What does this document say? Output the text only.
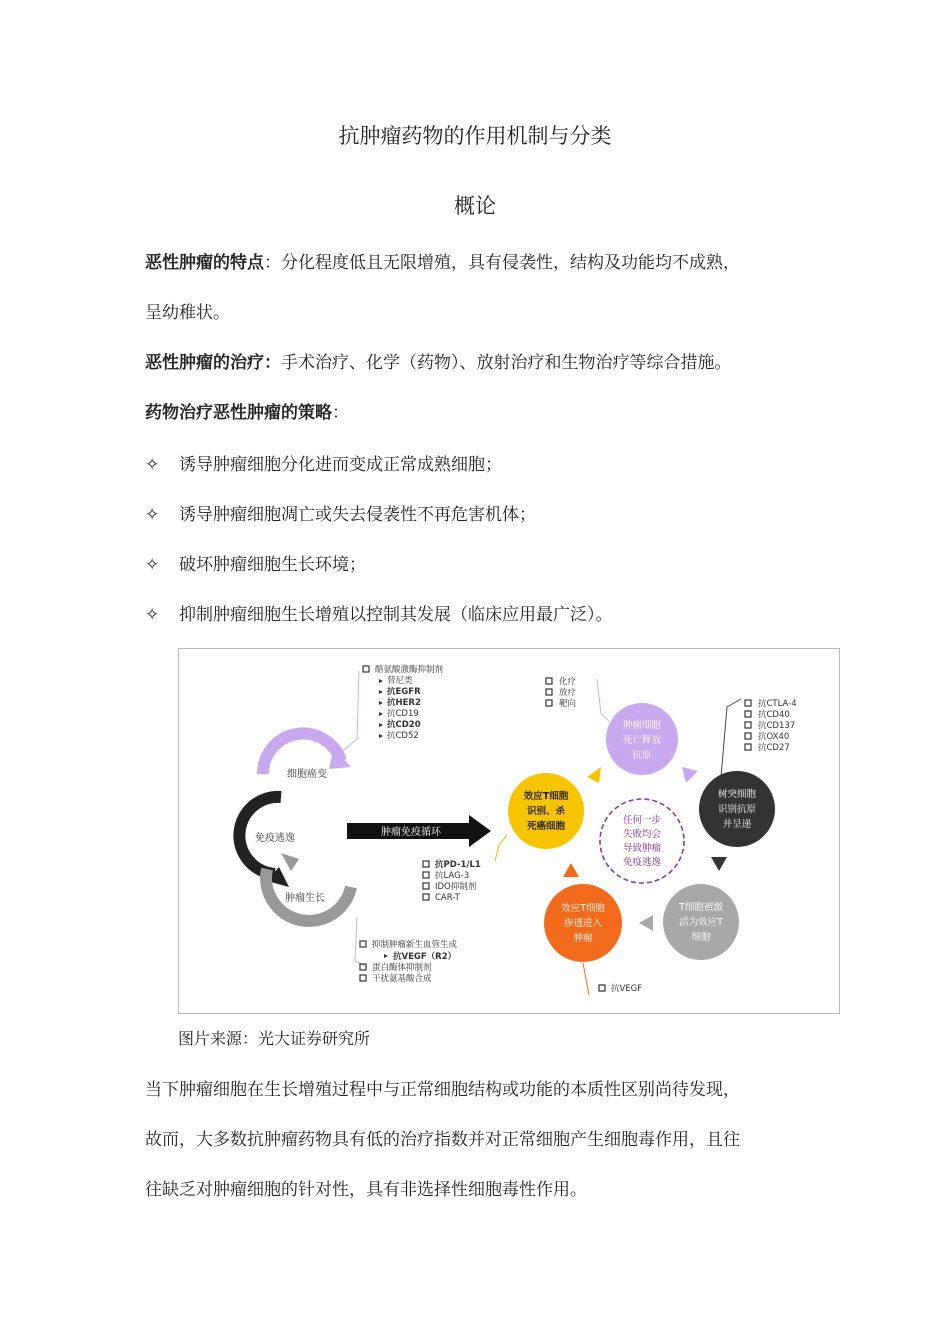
抗肿瘤药物的作用机制与分类
概论
恶性肿瘤的特点：分化程度低且无限增殖，具有侵袭性，结构及功能均不成熟，
呈幼稚状。
恶性肿瘤的治疗：手术治疗、化学（药物）、放射治疗和生物治疗等综合措施。
药物治疗恶性肿瘤的策略：
✧ 诱导肿瘤细胞分化进而变成正常成熟细胞；
✧ 诱导肿瘤细胞凋亡或失去侵袭性不再危害机体；
✧ 破坏肿瘤细胞生长环境；
✧ 抑制肿瘤细胞生长增殖以控制其发展（临床应用最广泛）。
酪氨酸激酶抑制剂
替尼类
抗EGFR
抗HER2
抗CD19
抗CD20
抗CD52
化疗
放疗
靶向	抗CTLA-4
抗CD40
抗CD137
抗OX40
抗CD27
细胞癌变
免疫逃逸
肿瘤生长
肿瘤免疫循环
抗PD-1/L1
抗LAG-3
IDO抑制剂
CAR-T
抑制肿瘤新生血管生成
抗VEGF（R2）
蛋白酶体抑制剂
干扰氨基酸合成
肿瘤细胞
死亡释放
抗原
树突细胞
识别抗原
并呈递
T细胞被激
活为效应T
细胞
效应T细胞
渗透进入
肿瘤
效应T细胞
识别、杀
死癌细胞
任何一步
失败均会
导致肿瘤
免疫逃逸
抗VEGF
图片来源：光大证券研究所
当下肿瘤细胞在生长增殖过程中与正常细胞结构或功能的本质性区别尚待发现，
故而，大多数抗肿瘤药物具有低的治疗指数并对正常细胞产生细胞毒作用，且往
往缺乏对肿瘤细胞的针对性，具有非选择性细胞毒性作用。
